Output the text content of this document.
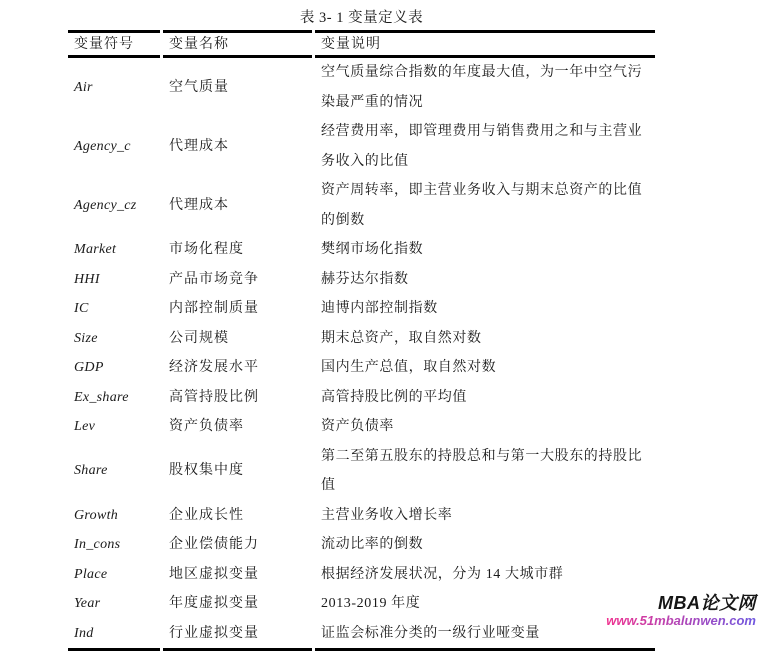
表 3- 1 变量定义表
变量符号	变量名称	变量说明
Air	空气质量	空气质量综合指数的年度最大值，为一年中空气污染最严重的情况
Agency_c	代理成本	经营费用率，即管理费用与销售费用之和与主营业务收入的比值
Agency_cz	代理成本	资产周转率，即主营业务收入与期末总资产的比值的倒数
Market	市场化程度	樊纲市场化指数
HHI	产品市场竞争	赫芬达尔指数
IC	内部控制质量	迪博内部控制指数
Size	公司规模	期末总资产，取自然对数
GDP	经济发展水平	国内生产总值，取自然对数
Ex_share	高管持股比例	高管持股比例的平均值
Lev	资产负债率	资产负债率
Share	股权集中度	第二至第五股东的持股总和与第一大股东的持股比值
Growth	企业成长性	主营业务收入增长率
In_cons	企业偿债能力	流动比率的倒数
Place	地区虚拟变量	根据经济发展状况，分为 14 大城市群
Year	年度虚拟变量	2013-2019 年度
Ind	行业虚拟变量	证监会标准分类的一级行业哑变量
MBA论文网
www.51mbalunwen.com
